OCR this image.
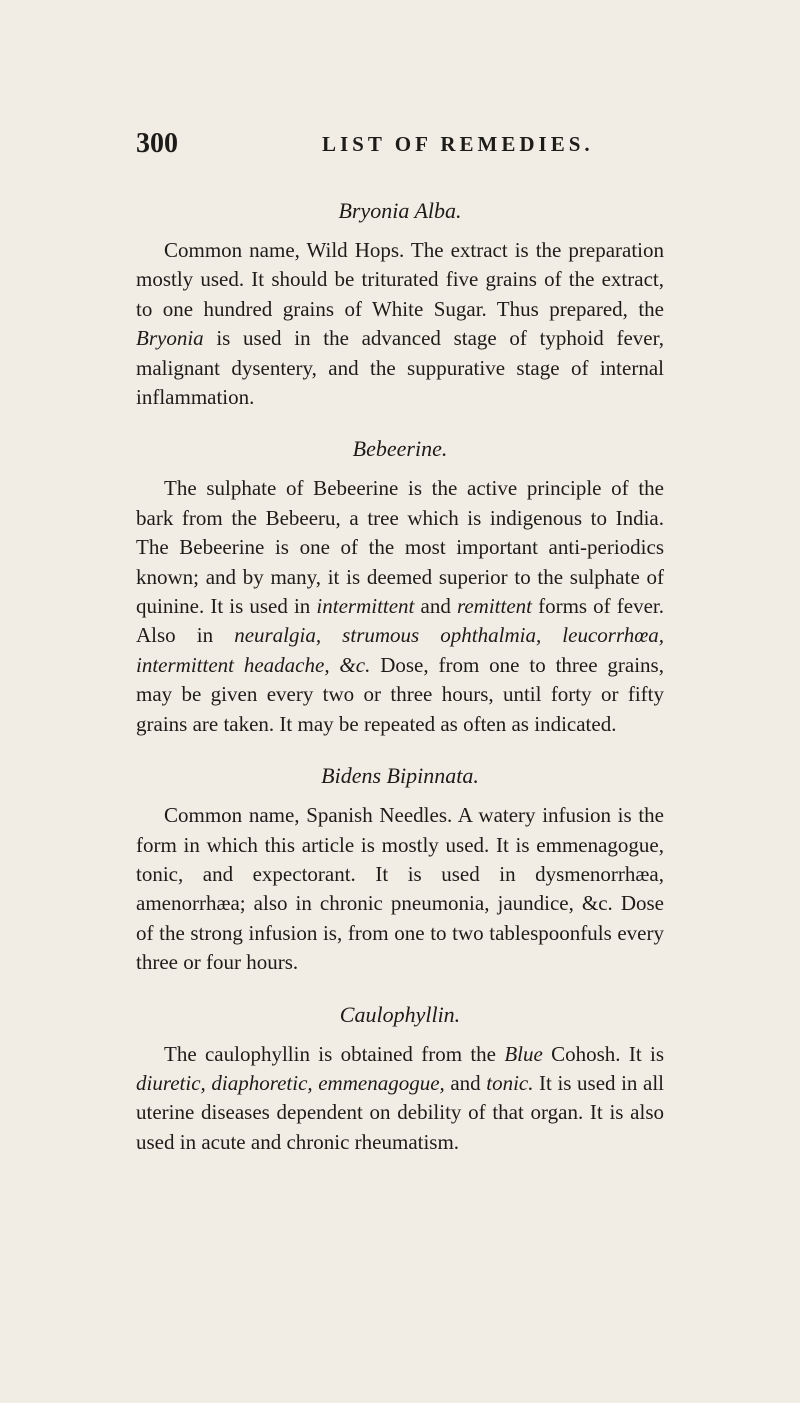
300	LIST OF REMEDIES.
Bryonia Alba.

Common name, Wild Hops. The extract is the preparation mostly used. It should be triturated five grains of the extract, to one hundred grains of White Sugar. Thus prepared, the Bryonia is used in the advanced stage of typhoid fever, malignant dysentery, and the suppurative stage of internal inflammation.

Bebeerine.

The sulphate of Bebeerine is the active principle of the bark from the Bebeeru, a tree which is indigenous to India. The Bebeerine is one of the most important anti-periodics known; and by many, it is deemed superior to the sulphate of quinine. It is used in intermittent and remittent forms of fever. Also in neuralgia, strumous ophthalmia, leucorrhœa, intermittent headache, &c. Dose, from one to three grains, may be given every two or three hours, until forty or fifty grains are taken. It may be repeated as often as indicated.

Bidens Bipinnata.

Common name, Spanish Needles. A watery infusion is the form in which this article is mostly used. It is emmenagogue, tonic, and expectorant. It is used in dysmenorrhæa, amenorrhæa; also in chronic pneumonia, jaundice, &c. Dose of the strong infusion is, from one to two tablespoonfuls every three or four hours.

Caulophyllin.

The caulophyllin is obtained from the Blue Cohosh. It is diuretic, diaphoretic, emmenagogue, and tonic. It is used in all uterine diseases dependent on debility of that organ. It is also used in acute and chronic rheumatism.
